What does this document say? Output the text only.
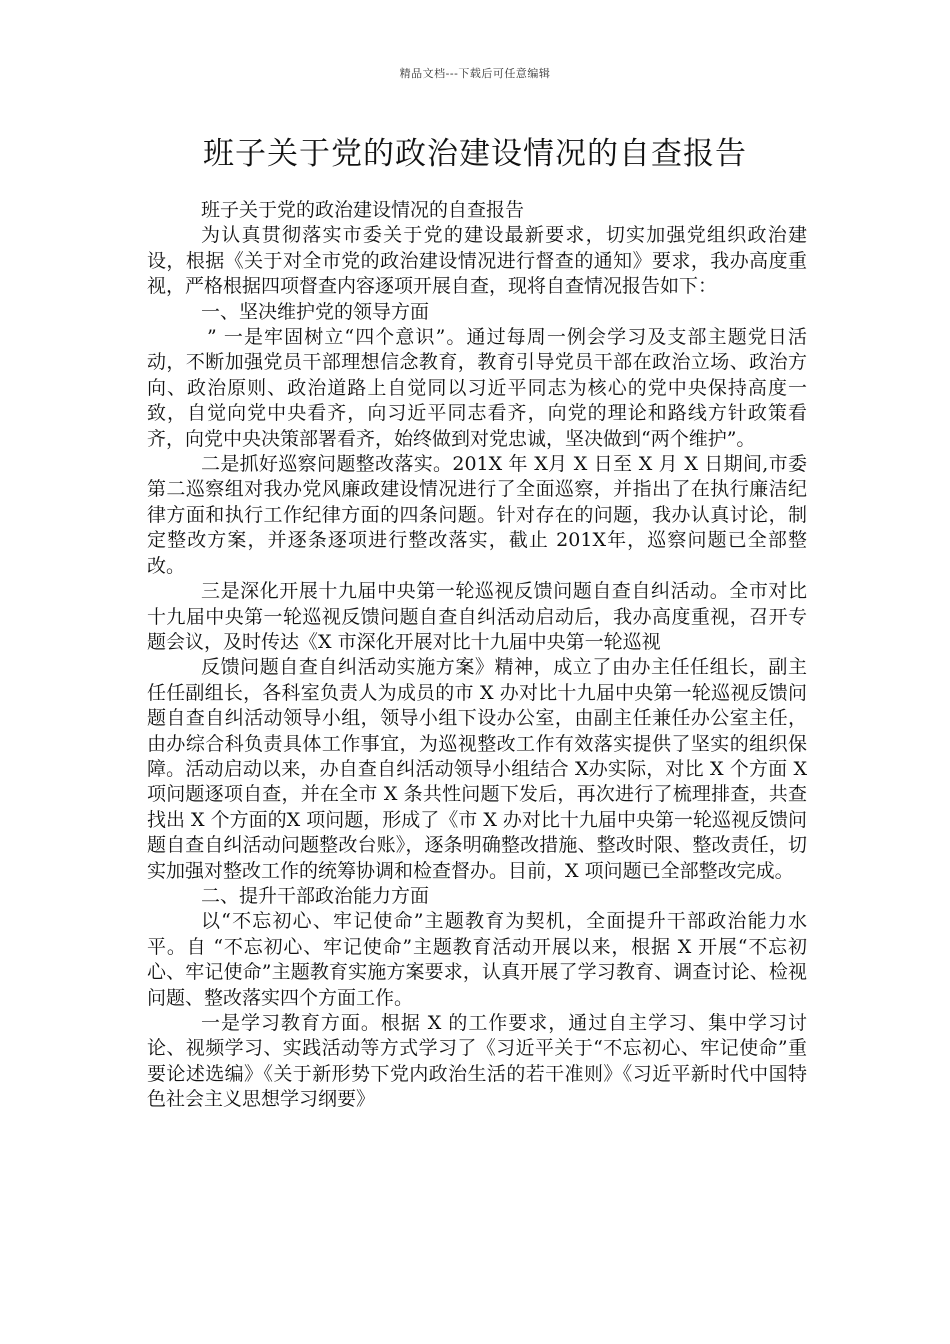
精品文档---下载后可任意编辑
班子关于党的政治建设情况的自查报告

班子关于党的政治建设情况的自查报告

为认真贯彻落实市委关于党的建设最新要求，切实加强党组织政治建设，根据《关于对全市党的政治建设情况进行督查的通知》要求，我办高度重视，严格根据四项督查内容逐项开展自查，现将自查情况报告如下：

一、坚决维护党的领导方面

” 一是牢固树立“四个意识”。通过每周一例会学习及支部主题党日活动，不断加强党员干部理想信念教育，教育引导党员干部在政治立场、政治方向、政治原则、政治道路上自觉同以习近平同志为核心的党中央保持高度一致，自觉向党中央看齐，向习近平同志看齐，向党的理论和路线方针政策看齐，向党中央决策部署看齐，始终做到对党忠诚，坚决做到“两个维护”。

二是抓好巡察问题整改落实。201X 年 X月 X 日至 X 月 X 日期间,市委第二巡察组对我办党风廉政建设情况进行了全面巡察，并指出了在执行廉洁纪律方面和执行工作纪律方面的四条问题。针对存在的问题，我办认真讨论，制定整改方案，并逐条逐项进行整改落实，截止 201X年，巡察问题已全部整改。

三是深化开展十九届中央第一轮巡视反馈问题自查自纠活动。全市对比十九届中央第一轮巡视反馈问题自查自纠活动启动后，我办高度重视，召开专题会议，及时传达《X 市深化开展对比十九届中央第一轮巡视

反馈问题自查自纠活动实施方案》精神，成立了由办主任任组长，副主任任副组长，各科室负责人为成员的市 X 办对比十九届中央第一轮巡视反馈问题自查自纠活动领导小组，领导小组下设办公室，由副主任兼任办公室主任，由办综合科负责具体工作事宜，为巡视整改工作有效落实提供了坚实的组织保障。活动启动以来，办自查自纠活动领导小组结合 X办实际，对比 X 个方面 X 项问题逐项自查，并在全市 X 条共性问题下发后，再次进行了梳理排查，共查找出 X 个方面的X 项问题，形成了《市 X 办对比十九届中央第一轮巡视反馈问题自查自纠活动问题整改台账》，逐条明确整改措施、整改时限、整改责任，切实加强对整改工作的统筹协调和检查督办。目前，X 项问题已全部整改完成。

二、提升干部政治能力方面

以“不忘初心、牢记使命”主题教育为契机，全面提升干部政治能力水平。自 “不忘初心、牢记使命”主题教育活动开展以来，根据 X 开展“不忘初心、牢记使命”主题教育实施方案要求，认真开展了学习教育、调查讨论、检视问题、整改落实四个方面工作。

一是学习教育方面。根据 X 的工作要求，通过自主学习、集中学习讨论、视频学习、实践活动等方式学习了《习近平关于“不忘初心、牢记使命”重要论述选编》《关于新形势下党内政治生活的若干准则》《习近平新时代中国特色社会主义思想学习纲要》
